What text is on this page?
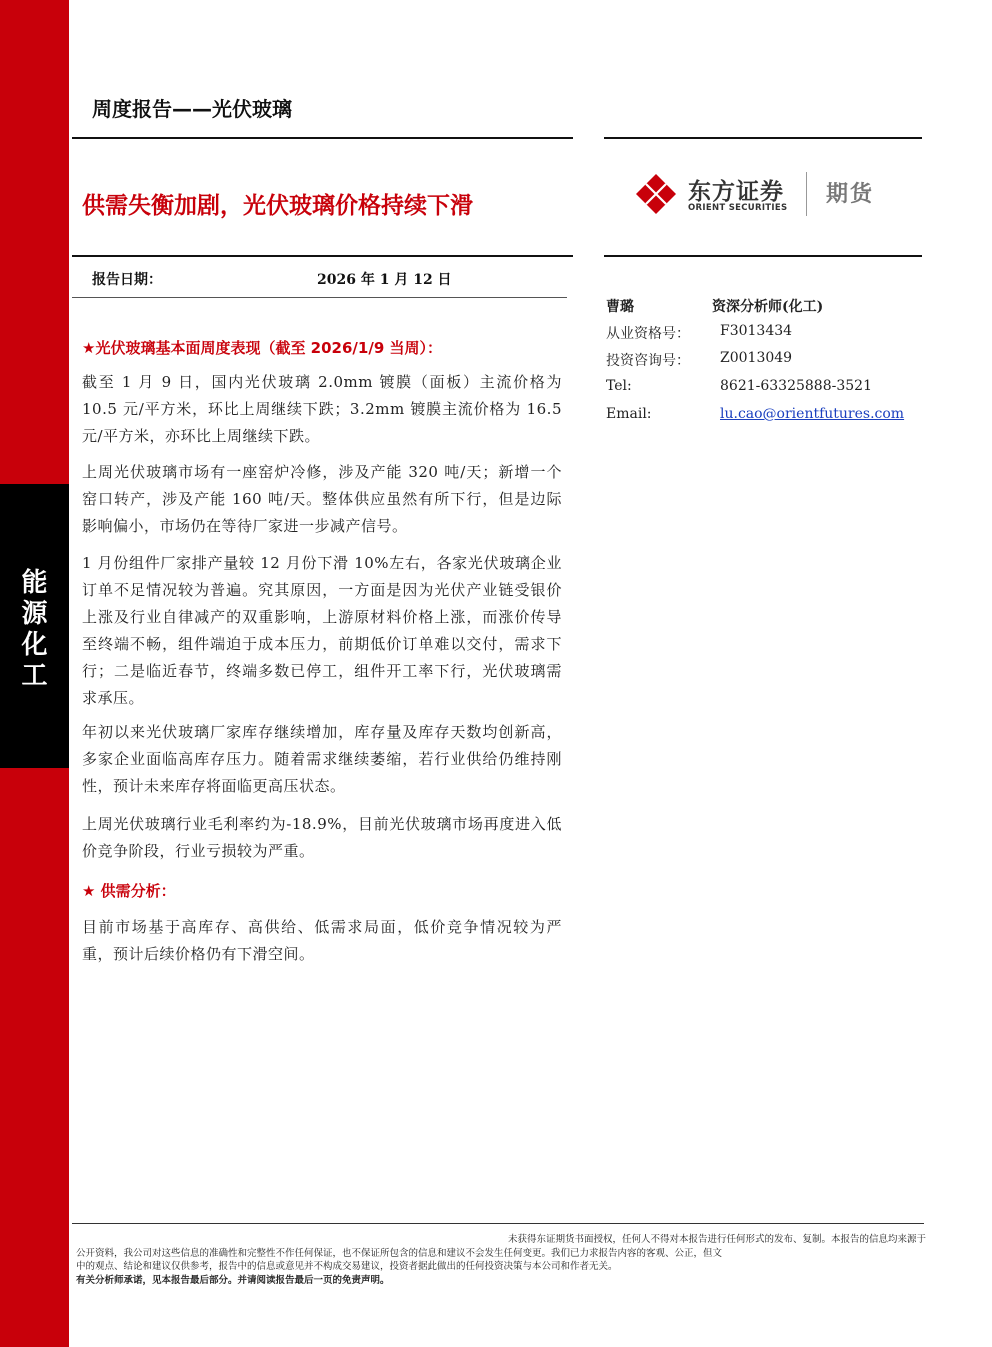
能
源
化
工
周度报告——光伏玻璃
供需失衡加剧，光伏玻璃价格持续下滑
东方证券
ORIENT SECURITIES
期货
报告日期：	2026 年 1 月 12 日
曹璐	资深分析师(化工)
从业资格号： F3013434
投资咨询号： Z0013049
Tel:	8621-63325888-3521
Email:	lu.cao@orientfutures.com
★光伏玻璃基本面周度表现（截至 2026/1/9 当周）：
截至 1 月 9 日，国内光伏玻璃 2.0mm 镀膜（面板）主流价格为 10.5 元/平方米，环比上周继续下跌；3.2mm 镀膜主流价格为 16.5 元/平方米，亦环比上周继续下跌。
上周光伏玻璃市场有一座窑炉冷修，涉及产能 320 吨/天；新增一个窑口转产，涉及产能 160 吨/天。整体供应虽然有所下行，但是边际影响偏小，市场仍在等待厂家进一步减产信号。
1 月份组件厂家排产量较 12 月份下滑 10%左右，各家光伏玻璃企业订单不足情况较为普遍。究其原因，一方面是因为光伏产业链受银价上涨及行业自律减产的双重影响，上游原材料价格上涨，而涨价传导至终端不畅，组件端迫于成本压力，前期低价订单难以交付，需求下行；二是临近春节，终端多数已停工，组件开工率下行，光伏玻璃需求承压。
年初以来光伏玻璃厂家库存继续增加，库存量及库存天数均创新高，多家企业面临高库存压力。随着需求继续萎缩，若行业供给仍维持刚性，预计未来库存将面临更高压状态。
上周光伏玻璃行业毛利率约为-18.9%，目前光伏玻璃市场再度进入低价竞争阶段，行业亏损较为严重。
★ 供需分析：
目前市场基于高库存、高供给、低需求局面，低价竞争情况较为严重，预计后续价格仍有下滑空间。
未获得东证期货书面授权，任何人不得对本报告进行任何形式的发布、复制。本报告的信息均来源于
公开资料，我公司对这些信息的准确性和完整性不作任何保证，也不保证所包含的信息和建议不会发生任何变更。我们已力求报告内容的客观、公正，但文
中的观点、结论和建议仅供参考，报告中的信息或意见并不构成交易建议，投资者据此做出的任何投资决策与本公司和作者无关。
有关分析师承诺，见本报告最后部分。并请阅读报告最后一页的免责声明。
